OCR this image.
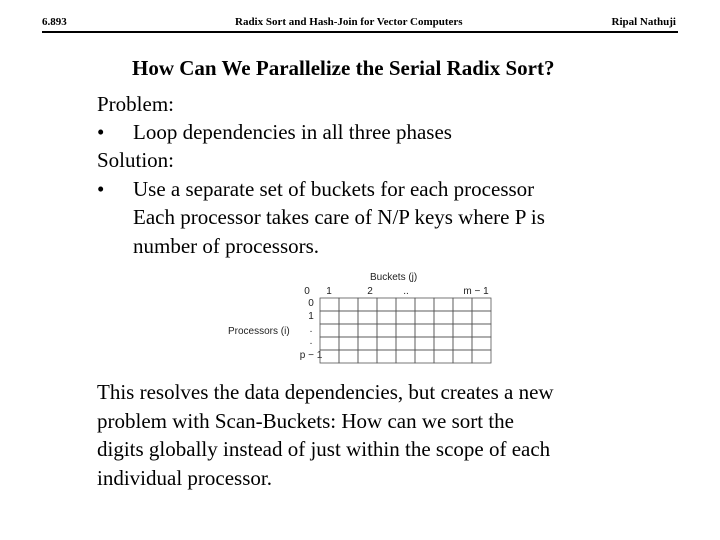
6.893	Radix Sort and Hash-Join for Vector Computers	Ripal Nathuji
How Can We Parallelize the Serial Radix Sort?
Problem:
• Loop dependencies in all three phases
Solution:
• Use a separate set of buckets for each processor
Each processor takes care of N/P keys where P is
number of processors.
Buckets (j)
0 1	2	..	m − 1
Processors (i)
0
1
.
.
p − 1
This resolves the data dependencies, but creates a new
problem with Scan-Buckets: How can we sort the
digits globally instead of just within the scope of each
individual processor.
